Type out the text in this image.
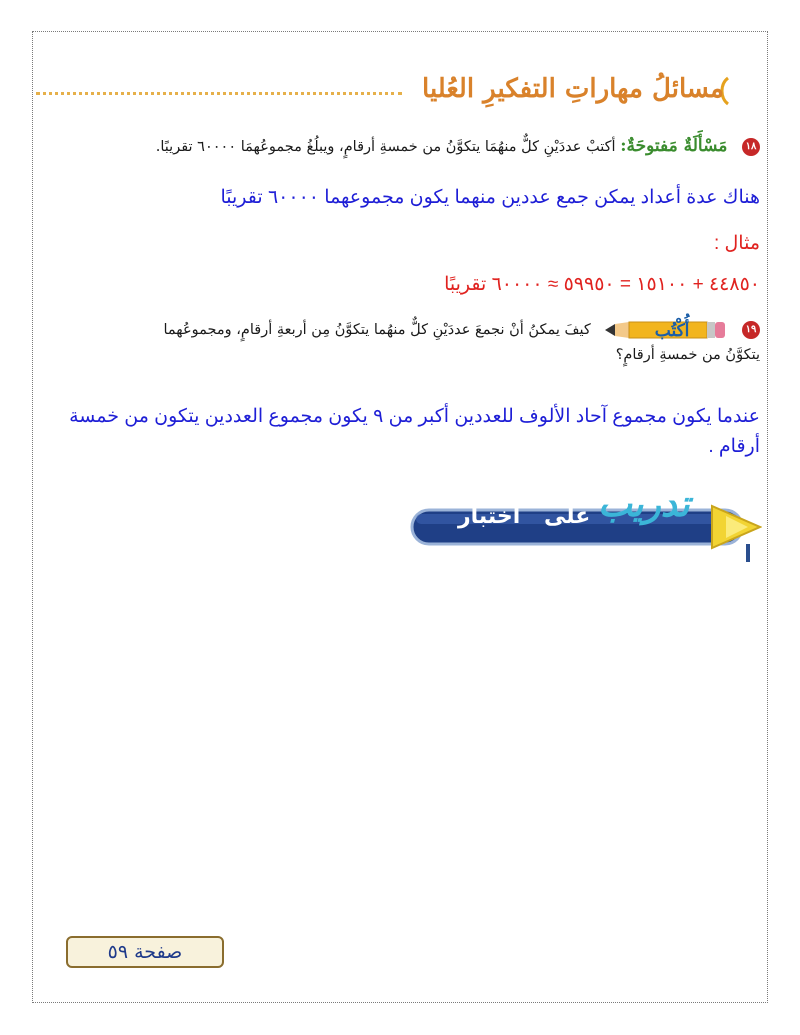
مسائلُ مهاراتِ التفكيرِ العُليا
١٨ مَسْأَلَةٌ مَفتوحَةٌ: أكتبْ عددَيْنِ كلٌّ منهُمَا يتكوَّنُ من خمسةِ أرقامٍ، ويبلُغُ مجموعُهمَا ٦٠٠٠٠ تقريبًا.
هناك عدة أعداد يمكن جمع عددين منهما يكون مجموعهما ٦٠٠٠٠ تقريبًا
مثال :
٤٤٨٥٠ + ١٥١٠٠ = ٥٩٩٥٠ ≈ ٦٠٠٠٠ تقريبًا
١٩
أُكْتُب
كيفَ يمكنُ أنْ نجمعَ عددَيْنِ كلٌّ منهُما يتكوَّنُ مِن أربعةِ أرقامٍ، ومجموعُهما
يتكوَّنُ من خمسةِ أرقامٍ؟
عندما يكون مجموع آحاد الألوف للعددين أكبر من ٩ يكون مجموع العددين يتكون من خمسة أرقام .
اختبار على تدريب
صفحة ٥٩
